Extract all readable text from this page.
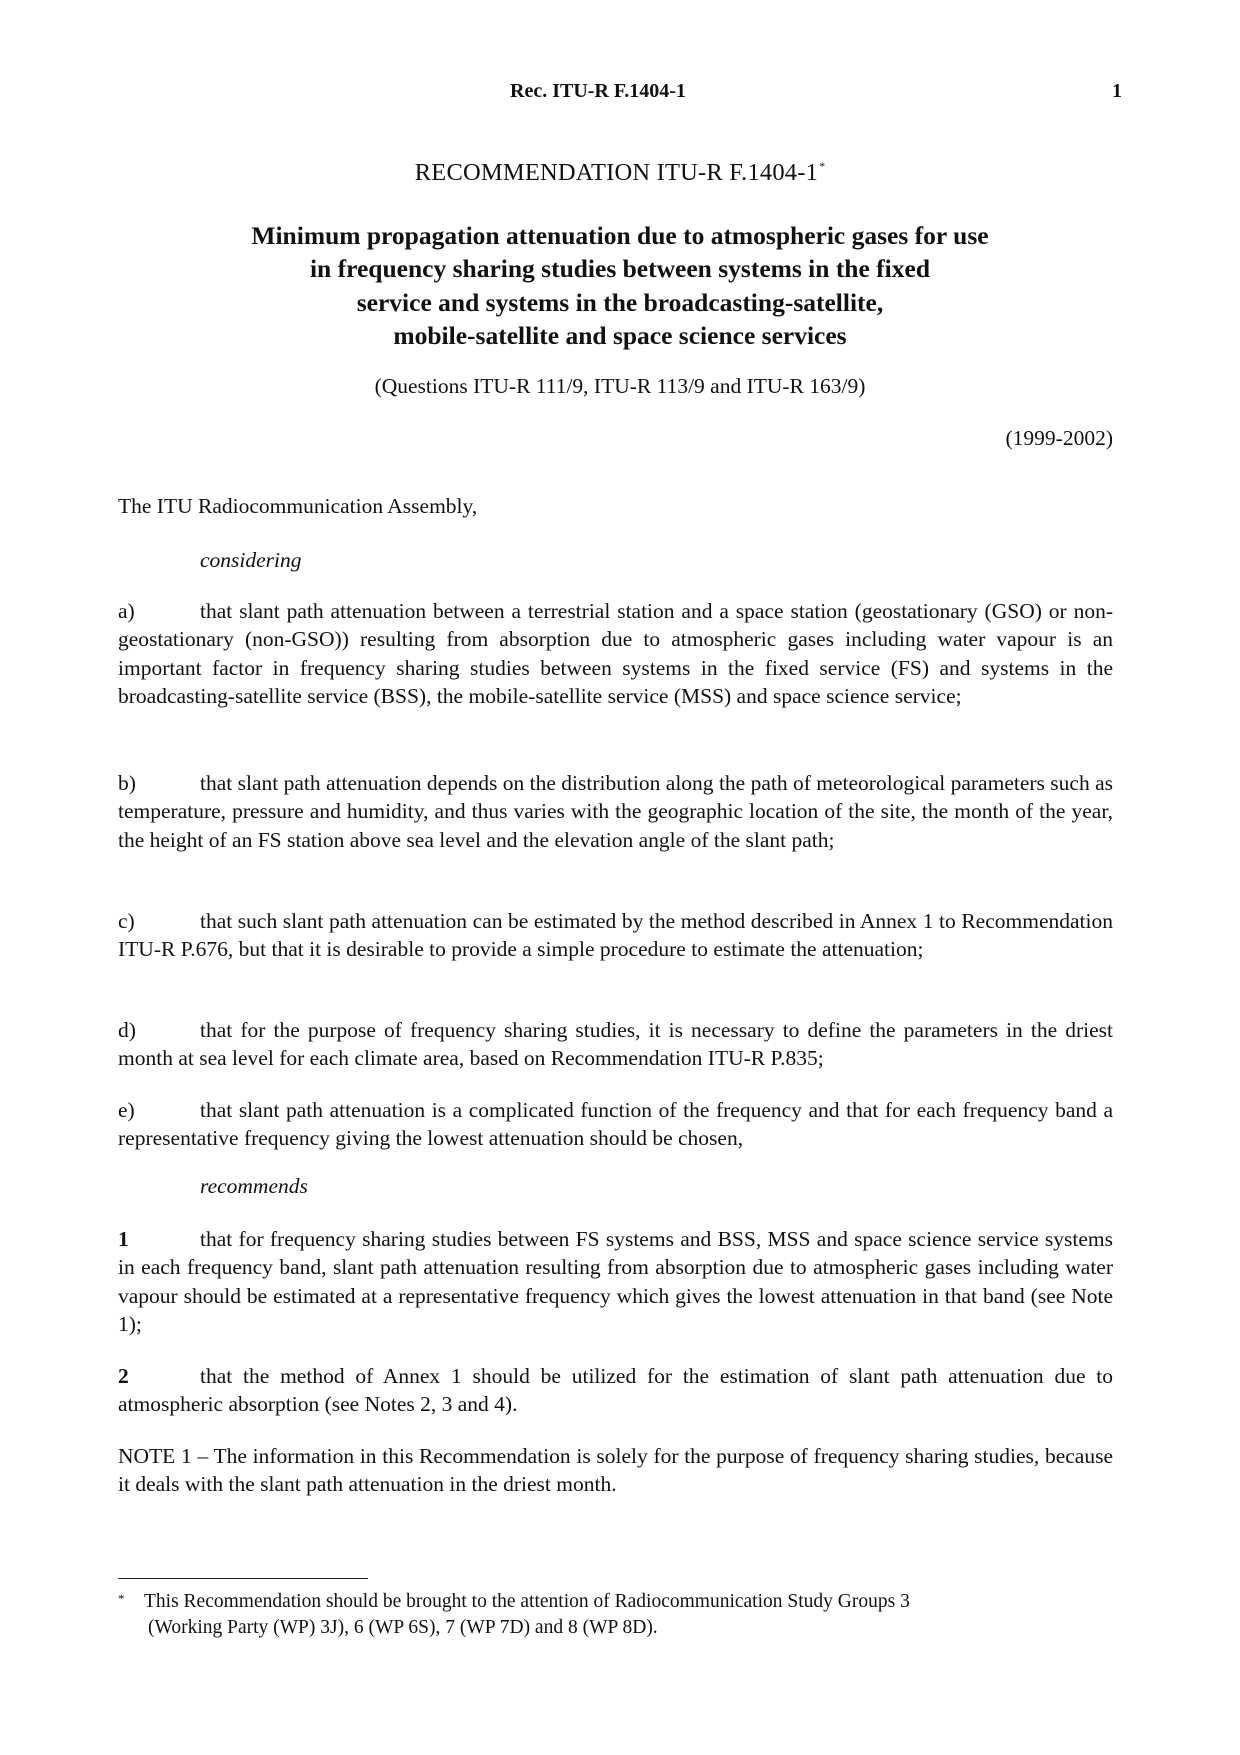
Rec. ITU-R F.1404-1	1
RECOMMENDATION ITU-R F.1404-1*
Minimum propagation attenuation due to atmospheric gases for use
in frequency sharing studies between systems in the fixed
service and systems in the broadcasting-satellite,
mobile-satellite and space science services
(Questions ITU-R 111/9, ITU-R 113/9 and ITU-R 163/9)
(1999-2002)
The ITU Radiocommunication Assembly,
considering
a)	that slant path attenuation between a terrestrial station and a space station (geostationary (GSO) or non-geostationary (non-GSO)) resulting from absorption due to atmospheric gases including water vapour is an important factor in frequency sharing studies between systems in the fixed service (FS) and systems in the broadcasting-satellite service (BSS), the mobile-satellite service (MSS) and space science service;
b)	that slant path attenuation depends on the distribution along the path of meteorological parameters such as temperature, pressure and humidity, and thus varies with the geographic location of the site, the month of the year, the height of an FS station above sea level and the elevation angle of the slant path;
c)	that such slant path attenuation can be estimated by the method described in Annex 1 to Recommendation ITU-R P.676, but that it is desirable to provide a simple procedure to estimate the attenuation;
d)	that for the purpose of frequency sharing studies, it is necessary to define the parameters in the driest month at sea level for each climate area, based on Recommendation ITU-R P.835;
e)	that slant path attenuation is a complicated function of the frequency and that for each frequency band a representative frequency giving the lowest attenuation should be chosen,
recommends
1	that for frequency sharing studies between FS systems and BSS, MSS and space science service systems in each frequency band, slant path attenuation resulting from absorption due to atmospheric gases including water vapour should be estimated at a representative frequency which gives the lowest attenuation in that band (see Note 1);
2	that the method of Annex 1 should be utilized for the estimation of slant path attenuation due to atmospheric absorption (see Notes 2, 3 and 4).
NOTE 1 – The information in this Recommendation is solely for the purpose of frequency sharing studies, because it deals with the slant path attenuation in the driest month.
*	This Recommendation should be brought to the attention of Radiocommunication Study Groups 3
(Working Party (WP) 3J), 6 (WP 6S), 7 (WP 7D) and 8 (WP 8D).
